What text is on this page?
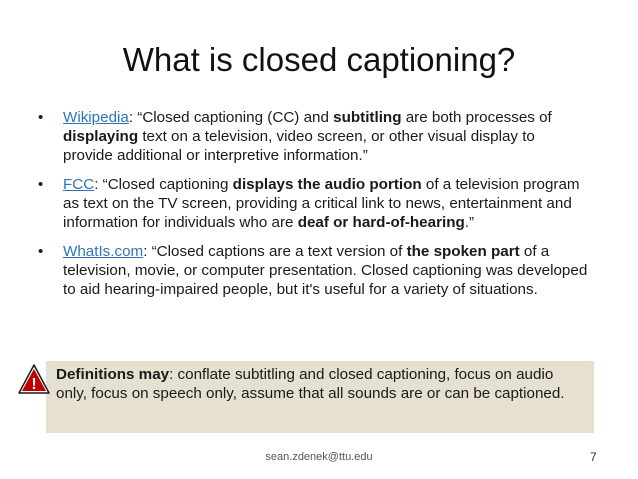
What is closed captioning?
• Wikipedia: “Closed captioning (CC) and subtitling are both processes of displaying text on a television, video screen, or other visual display to provide additional or interpretive information.”
• FCC: “Closed captioning displays the audio portion of a television program as text on the TV screen, providing a critical link to news, entertainment and information for individuals who are deaf or hard-of-hearing.”
• WhatIs.com: “Closed captions are a text version of the spoken part of a television, movie, or computer presentation. Closed captioning was developed to aid hearing-impaired people, but it's useful for a variety of situations.
Definitions may: conflate subtitling and closed captioning, focus on audio only, focus on speech only, assume that all sounds are or can be captioned.
!
sean.zdenek@ttu.edu	7
